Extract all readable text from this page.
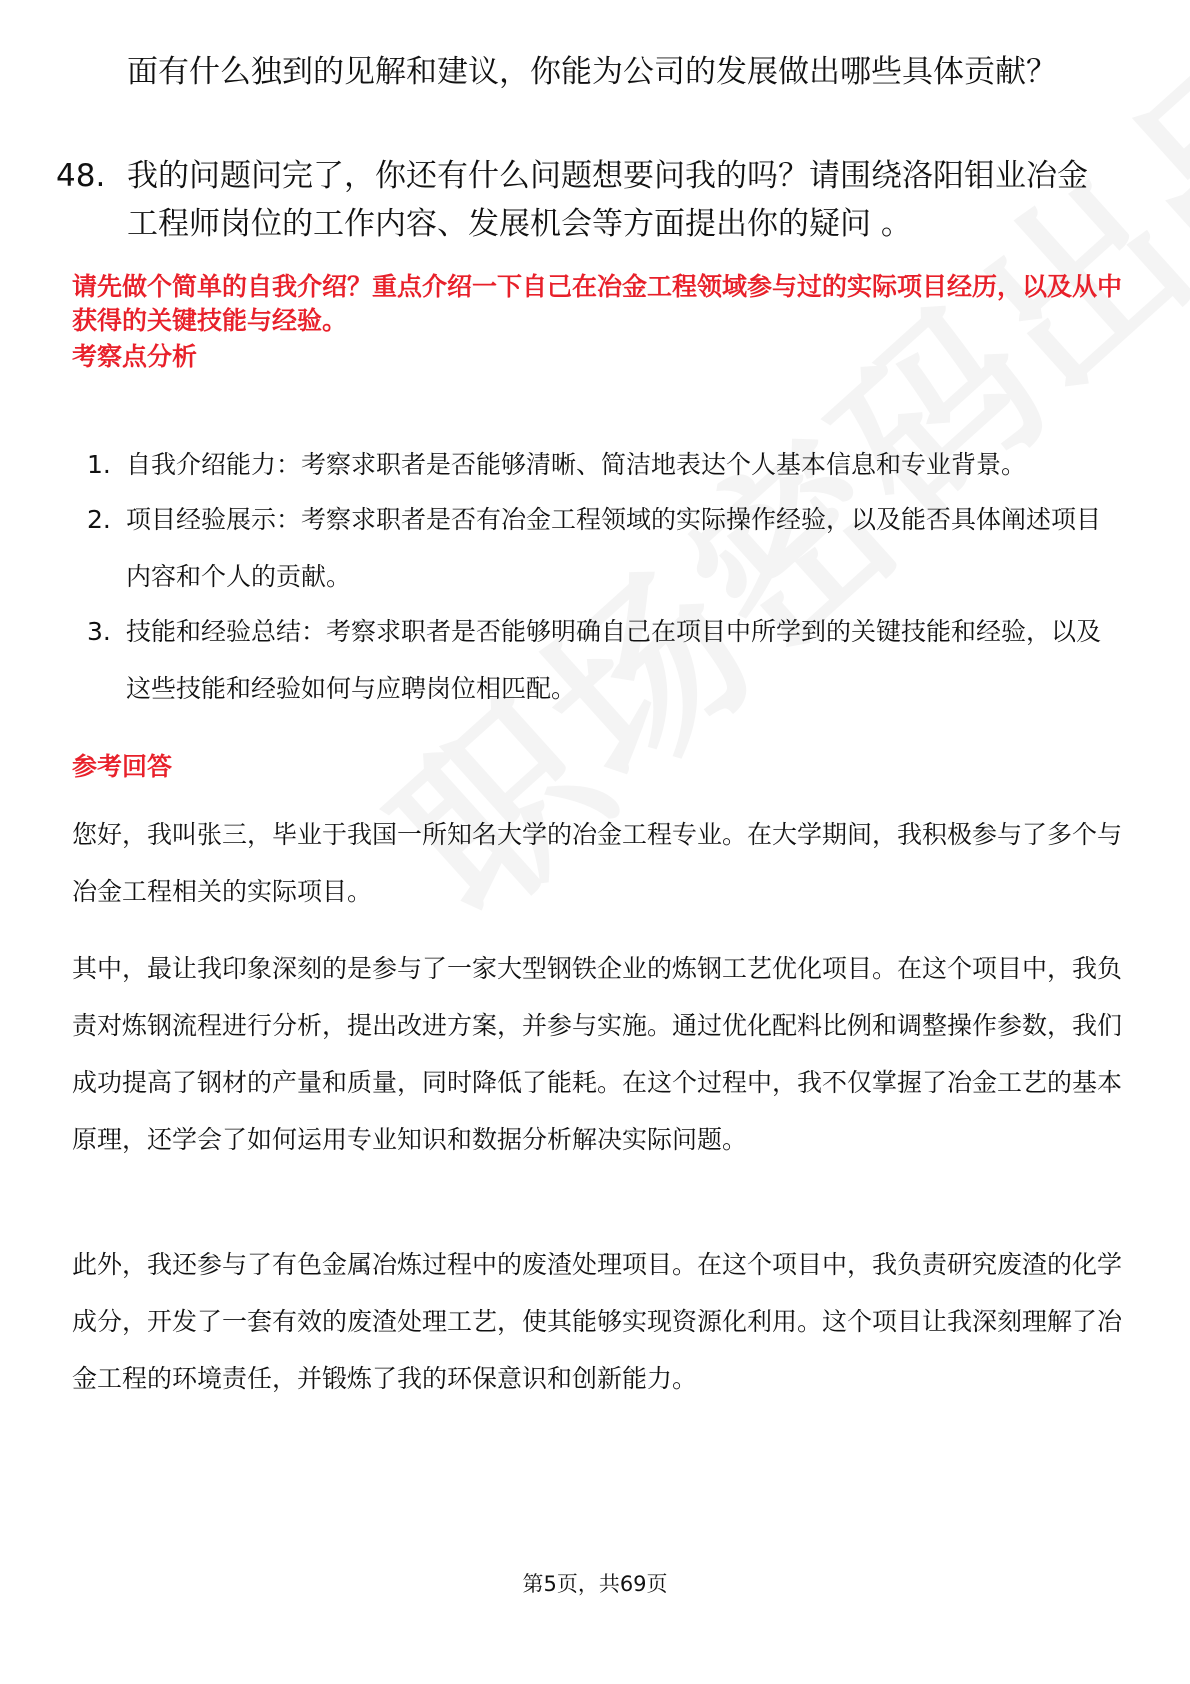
面有什么独到的见解和建议，你能为公司的发展做出哪些具体贡献？
48. 我的问题问完了，你还有什么问题想要问我的吗？请围绕洛阳钼业冶金工程师岗位的工作内容、发展机会等方面提出你的疑问 。
请先做个简单的自我介绍？重点介绍一下自己在冶金工程领域参与过的实际项目经历，以及从中获得的关键技能与经验。
考察点分析
1. 自我介绍能力：考察求职者是否能够清晰、简洁地表达个人基本信息和专业背景。
2. 项目经验展示：考察求职者是否有冶金工程领域的实际操作经验，以及能否具体阐述项目内容和个人的贡献。
3. 技能和经验总结：考察求职者是否能够明确自己在项目中所学到的关键技能和经验，以及这些技能和经验如何与应聘岗位相匹配。
参考回答

您好，我叫张三，毕业于我国一所知名大学的冶金工程专业。在大学期间，我积极参与了多个与冶金工程相关的实际项目。

其中，最让我印象深刻的是参与了一家大型钢铁企业的炼钢工艺优化项目。在这个项目中，我负责对炼钢流程进行分析，提出改进方案，并参与实施。通过优化配料比例和调整操作参数，我们成功提高了钢材的产量和质量，同时降低了能耗。在这个过程中，我不仅掌握了冶金工艺的基本原理，还学会了如何运用专业知识和数据分析解决实际问题。

此外，我还参与了有色金属冶炼过程中的废渣处理项目。在这个项目中，我负责研究废渣的化学成分，开发了一套有效的废渣处理工艺，使其能够实现资源化利用。这个项目让我深刻理解了冶金工程的环境责任，并锻炼了我的环保意识和创新能力。

第5页，共69页
